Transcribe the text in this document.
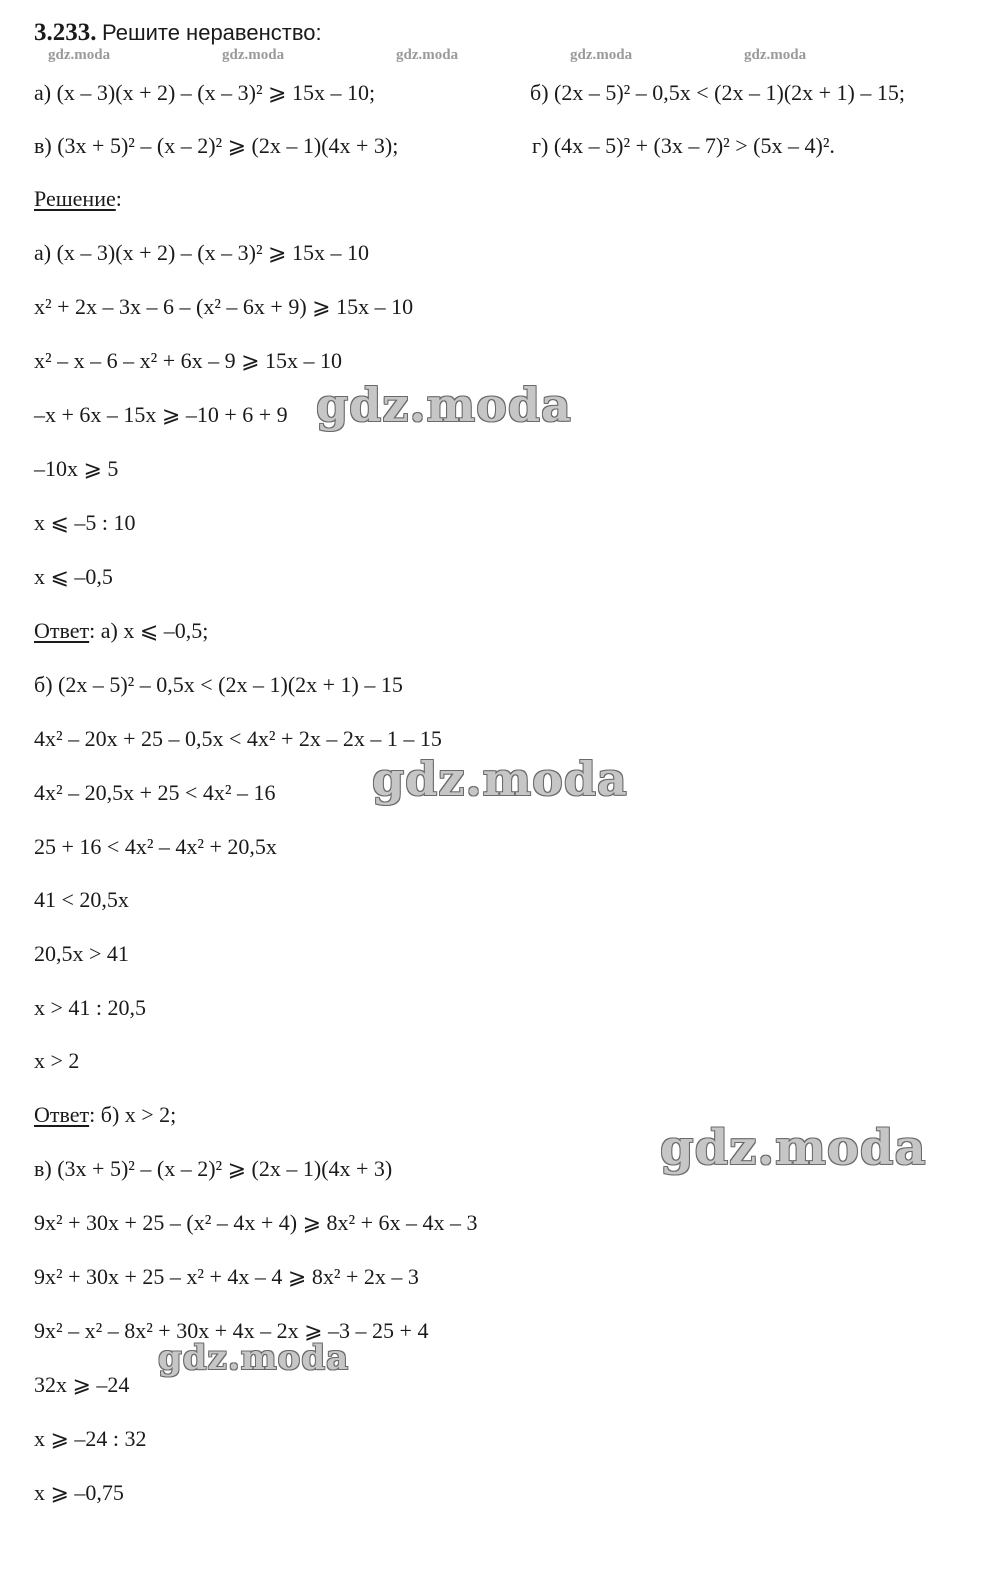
3.233. Решите неравенство:
gdz.moda	gdz.moda	gdz.moda	gdz.moda	gdz.moda
а) (x – 3)(x + 2) – (x – 3)² ⩾ 15x – 10;	б) (2x – 5)² – 0,5x < (2x – 1)(2x + 1) – 15;
в) (3x + 5)² – (x – 2)² ⩾ (2x – 1)(4x + 3);	г) (4x – 5)² + (3x – 7)² > (5x – 4)².
Решение:
а) (x – 3)(x + 2) – (x – 3)² ⩾ 15x – 10
x² + 2x – 3x – 6 – (x² – 6x + 9) ⩾ 15x – 10
x² – x – 6 – x² + 6x – 9 ⩾ 15x – 10
–x + 6x – 15x ⩾ –10 + 6 + 9
–10x ⩾ 5
x ⩽ –5 : 10
x ⩽ –0,5
Ответ: а) x ⩽ –0,5;
б) (2x – 5)² – 0,5x < (2x – 1)(2x + 1) – 15
4x² – 20x + 25 – 0,5x < 4x² + 2x – 2x – 1 – 15
4x² – 20,5x + 25 < 4x² – 16
25 + 16 < 4x² – 4x² + 20,5x
41 < 20,5x
20,5x > 41
x > 41 : 20,5
x > 2
Ответ: б) x > 2;
в) (3x + 5)² – (x – 2)² ⩾ (2x – 1)(4x + 3)
9x² + 30x + 25 – (x² – 4x + 4) ⩾ 8x² + 6x – 4x – 3
9x² + 30x + 25 – x² + 4x – 4 ⩾ 8x² + 2x – 3
9x² – x² – 8x² + 30x + 4x – 2x ⩾ –3 – 25 + 4
32x ⩾ –24
x ⩾ –24 : 32
x ⩾ –0,75
gdz.moda
gdz.moda
gdz.moda
gdz.moda
